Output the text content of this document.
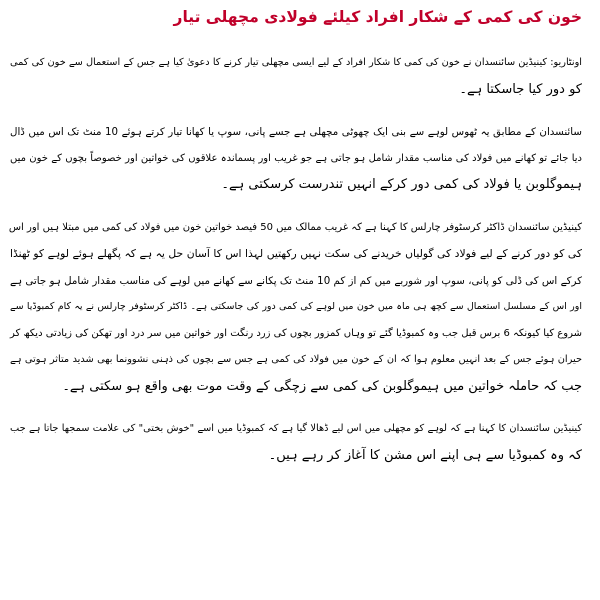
خون کی کمی کے شکار افراد کیلئے فولادی مچھلی تیار
اونٹاریو: کینیڈین سائنسدان نے خون کی کمی کا شکار افراد کے لیے ایسی مچھلی تیار کرنے کا دعویٰ کیا ہے جس کے استعمال سے خون کی کمی
کو دور کیا جاسکتا ہے۔
سائنسدان کے مطابق یہ ٹھوس لوہے سے بنی ایک چھوٹی مچھلی ہے جسے پانی، سوپ یا کھانا تیار کرتے ہوئے 10 منٹ تک اس میں ڈال
دیا جائے تو کھانے میں فولاد کی مناسب مقدار شامل ہو جاتی ہے جو غریب اور پسماندہ علاقوں کی خواتین اور خصوصاً بچوں کے خون میں
ہیموگلوبن یا فولاد کی کمی دور کرکے انہیں تندرست کرسکتی ہے۔
کینیڈین سائنسدان ڈاکٹر کرسٹوفر چارلس کا کہنا ہے کہ غریب ممالک میں 50 فیصد خواتین خون میں فولاد کی کمی میں مبتلا ہیں اور اس
کی کو دور کرنے کے لیے فولاد کی گولیاں خریدنے کی سکت نہیں رکھتیں لہذا اس کا آسان حل یہ ہے کہ پگھلے ہوئے لوہے کو ٹھنڈا
کرکے اس کی ڈلی کو پانی، سوپ اور شوربے میں کم از کم 10 منٹ تک پکانے سے کھانے میں لوہے کی مناسب مقدار شامل ہو جاتی ہے
اور اس کے مسلسل استعمال سے کچھ ہی ماہ میں خون میں لوہے کی کمی دور کی جاسکتی ہے۔ ڈاکٹر کرسٹوفر چارلس نے یہ کام کمبوڈیا سے
شروع کیا کیونکہ 6 برس قبل جب وہ کمبوڈیا گئے تو وہاں کمزور بچوں کی زرد رنگت اور خواتین میں سر درد اور تھکن کی زیادتی دیکھ کر
حیران ہوئے جس کے بعد انہیں معلوم ہوا کہ ان کے خون میں فولاد کی کمی ہے جس سے بچوں کی ذہنی نشوونما بھی شدید متاثر ہوتی ہے
جب کہ حاملہ خواتین میں ہیموگلوبن کی کمی سے زچگی کے وقت موت بھی واقع ہو سکتی ہے۔
کینیڈین سائنسدان کا کہنا ہے کہ لوہے کو مچھلی میں اس لیے ڈھالا گیا ہے کہ کمبوڈیا میں اسے "خوش بختی" کی علامت سمجھا جاتا ہے جب
کہ وہ کمبوڈیا سے ہی اپنے اس مشن کا آغاز کر رہے ہیں۔
